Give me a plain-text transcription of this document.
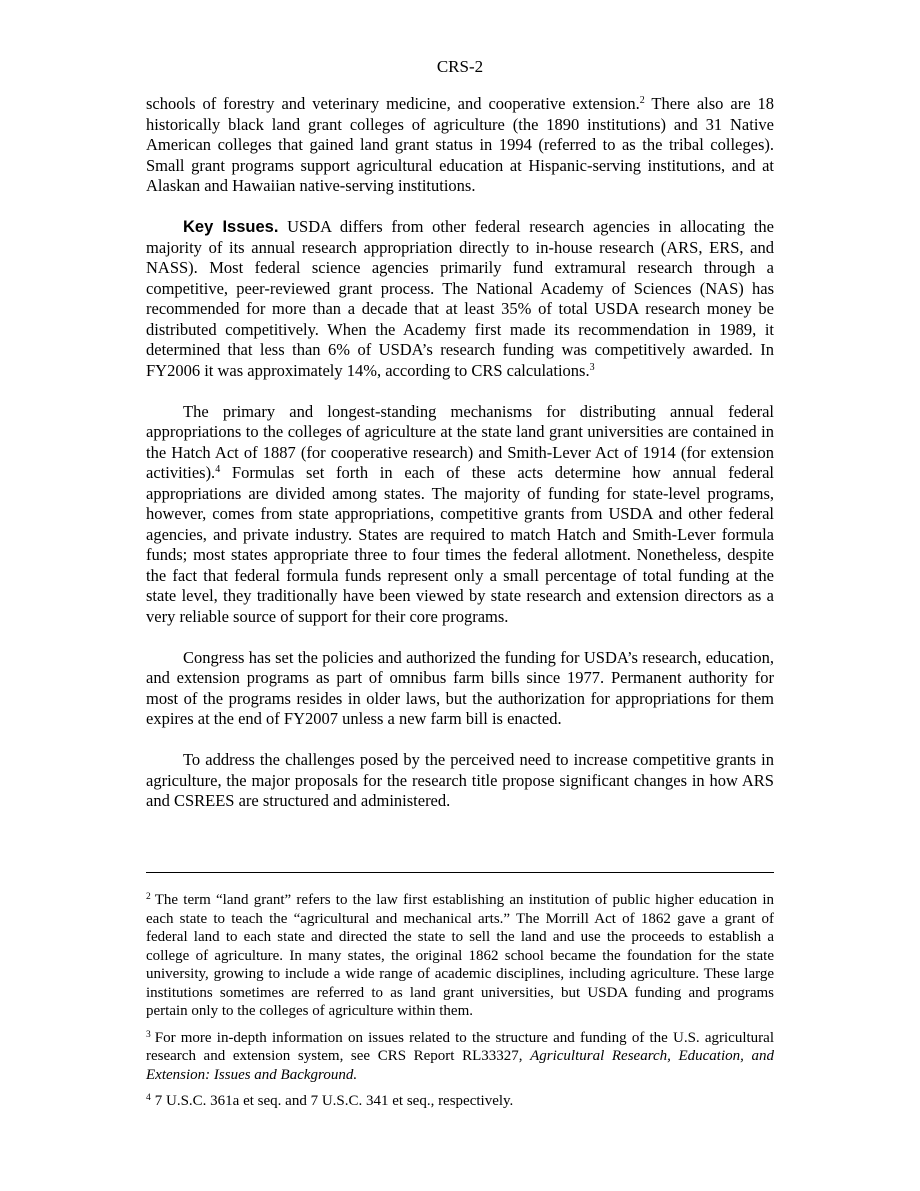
CRS-2

schools of forestry and veterinary medicine, and cooperative extension.$^2$ There also are 18 historically black land grant colleges of agriculture (the 1890 institutions) and 31 Native American colleges that gained land grant status in 1994 (referred to as the tribal colleges). Small grant programs support agricultural education at Hispanic-serving institutions, and at Alaskan and Hawaiian native-serving institutions.

Key Issues. USDA differs from other federal research agencies in allocating the majority of its annual research appropriation directly to in-house research (ARS, ERS, and NASS). Most federal science agencies primarily fund extramural research through a competitive, peer-reviewed grant process. The National Academy of Sciences (NAS) has recommended for more than a decade that at least 35% of total USDA research money be distributed competitively. When the Academy first made its recommendation in 1989, it determined that less than 6% of USDA’s research funding was competitively awarded. In FY2006 it was approximately 14%, according to CRS calculations.$^3$

The primary and longest-standing mechanisms for distributing annual federal appropriations to the colleges of agriculture at the state land grant universities are contained in the Hatch Act of 1887 (for cooperative research) and Smith-Lever Act of 1914 (for extension activities).$^4$ Formulas set forth in each of these acts determine how annual federal appropriations are divided among states. The majority of funding for state-level programs, however, comes from state appropriations, competitive grants from USDA and other federal agencies, and private industry. States are required to match Hatch and Smith-Lever formula funds; most states appropriate three to four times the federal allotment. Nonetheless, despite the fact that federal formula funds represent only a small percentage of total funding at the state level, they traditionally have been viewed by state research and extension directors as a very reliable source of support for their core programs.

Congress has set the policies and authorized the funding for USDA’s research, education, and extension programs as part of omnibus farm bills since 1977. Permanent authority for most of the programs resides in older laws, but the authorization for appropriations for them expires at the end of FY2007 unless a new farm bill is enacted.

To address the challenges posed by the perceived need to increase competitive grants in agriculture, the major proposals for the research title propose significant changes in how ARS and CSREES are structured and administered.

$^2$ The term “land grant” refers to the law first establishing an institution of public higher education in each state to teach the “agricultural and mechanical arts.” The Morrill Act of 1862 gave a grant of federal land to each state and directed the state to sell the land and use the proceeds to establish a college of agriculture. In many states, the original 1862 school became the foundation for the state university, growing to include a wide range of academic disciplines, including agriculture. These large institutions sometimes are referred to as land grant universities, but USDA funding and programs pertain only to the colleges of agriculture within them.

$^3$ For more in-depth information on issues related to the structure and funding of the U.S. agricultural research and extension system, see CRS Report RL33327, Agricultural Research, Education, and Extension: Issues and Background.

$^4$ 7 U.S.C. 361a et seq. and 7 U.S.C. 341 et seq., respectively.
